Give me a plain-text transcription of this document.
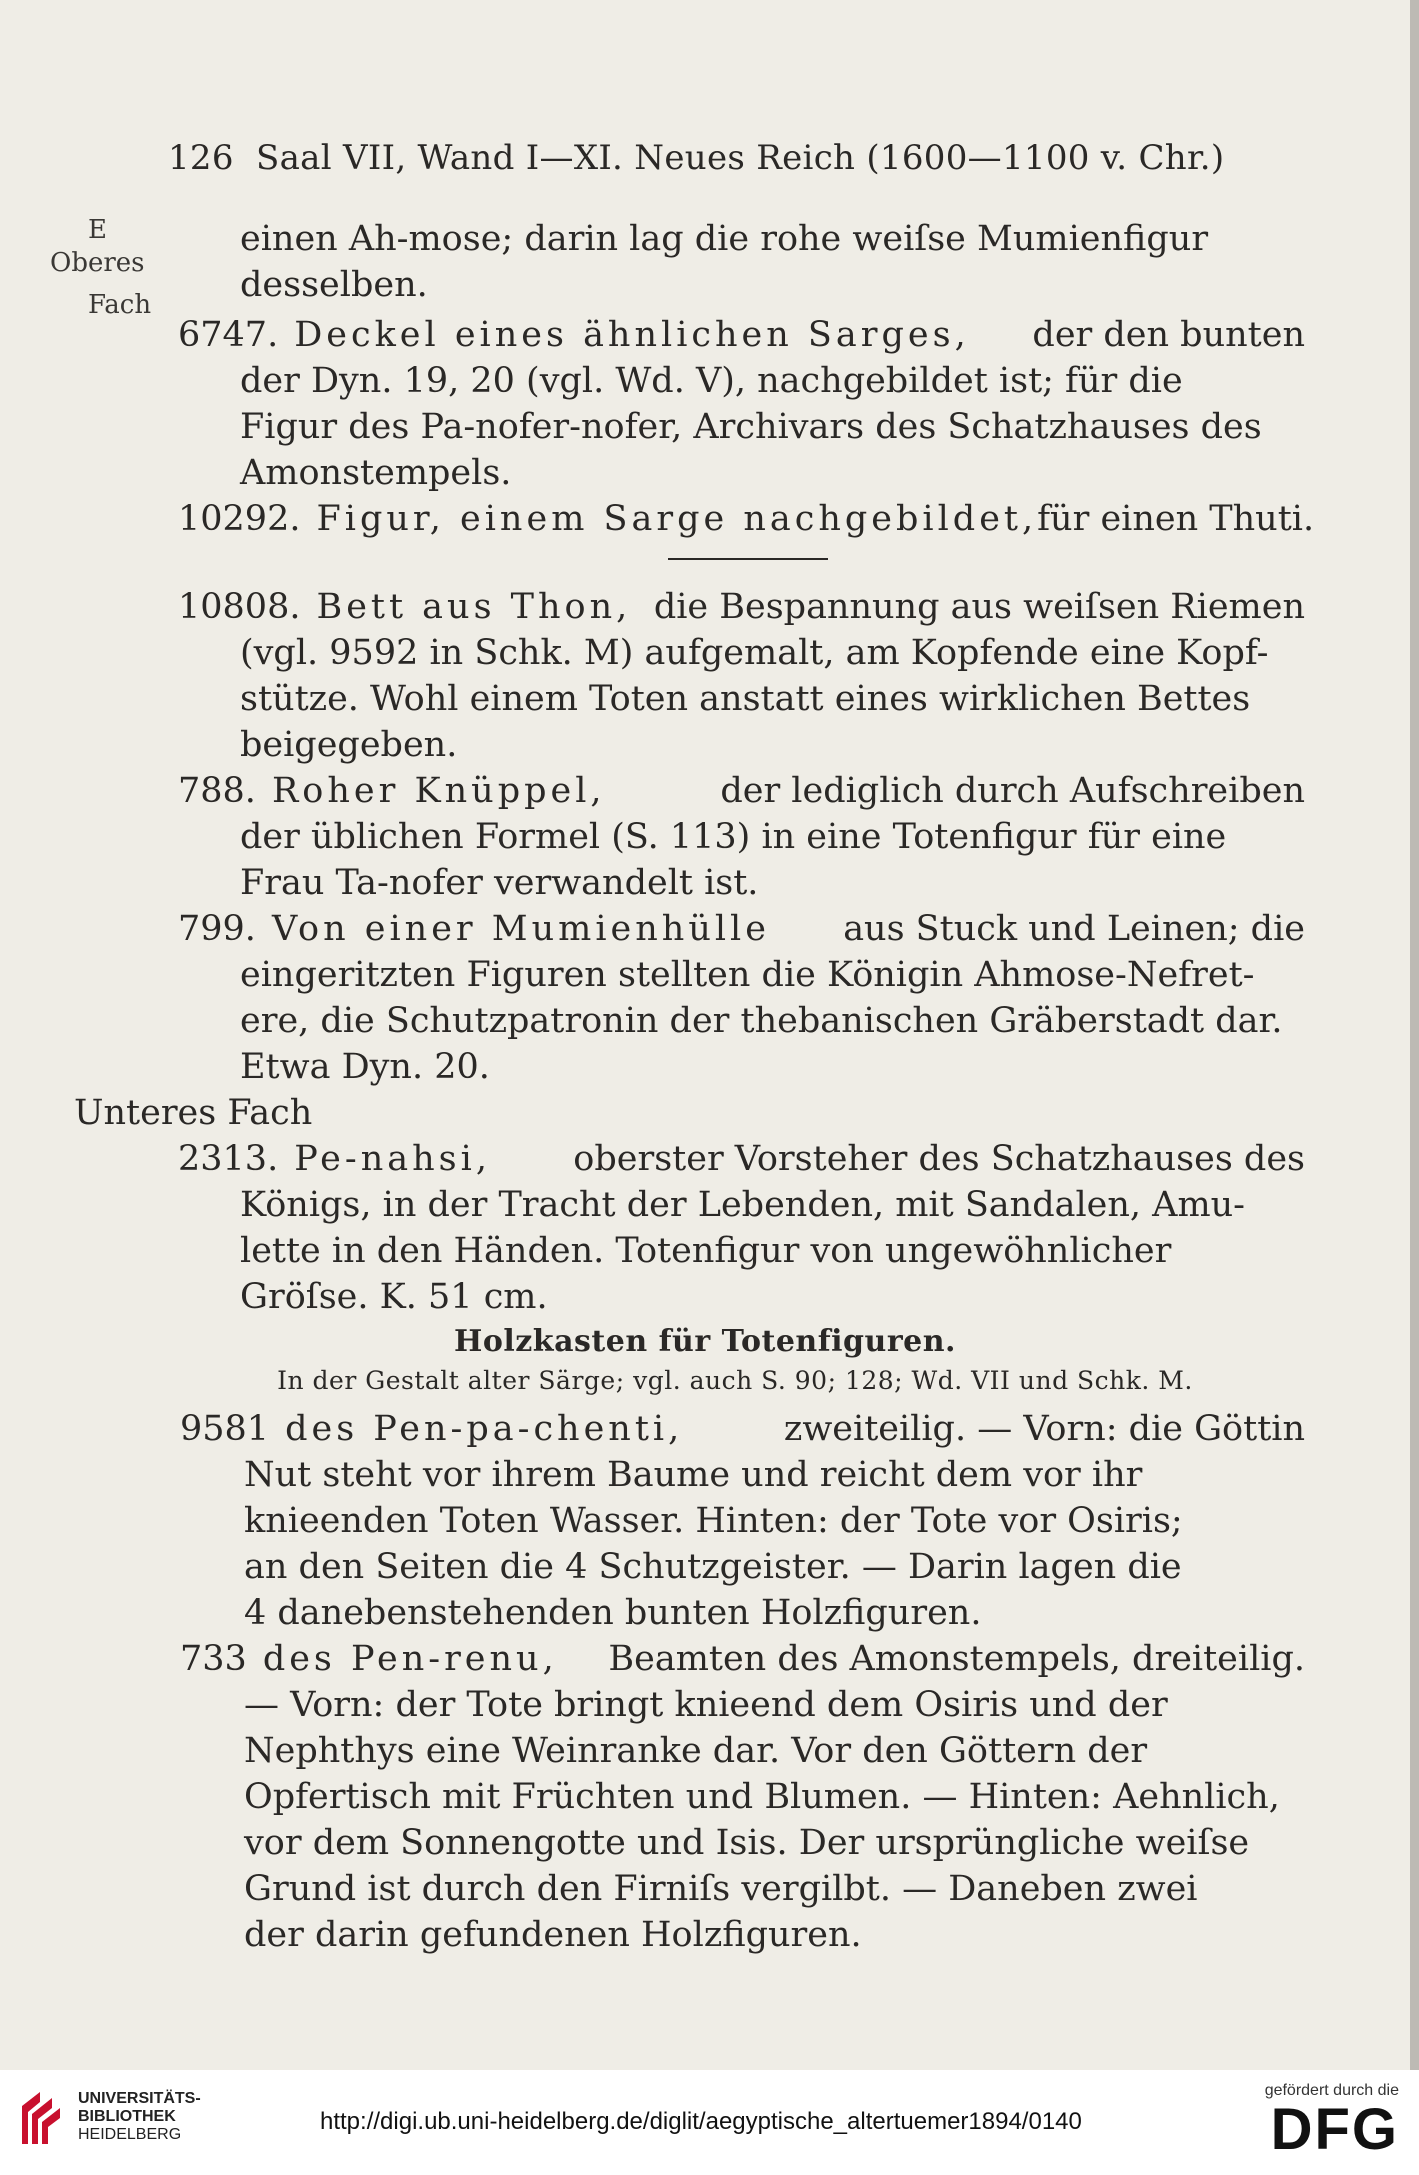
126 Saal VII, Wand I—XI. Neues Reich (1600—1100 v. Chr.)
E
Oberes
Fach
einen Ah-mose; darin lag die rohe weiſse Mumienfigur
desselben.
6747. Deckel eines ähnlichen Sarges, der den bunten
der Dyn. 19, 20 (vgl. Wd. V), nachgebildet ist; für die
Figur des Pa-nofer-nofer, Archivars des Schatzhauses des
Amonstempels.
10292. Figur, einem Sarge nachgebildet, für einen Thuti.
10808. Bett aus Thon, die Bespannung aus weiſsen Riemen
(vgl. 9592 in Schk. M) aufgemalt, am Kopfende eine Kopf-
stütze. Wohl einem Toten anstatt eines wirklichen Bettes
beigegeben.
788. Roher Knüppel,	der lediglich durch Aufschreiben
der üblichen Formel (S. 113) in eine Totenfigur für eine
Frau Ta-nofer verwandelt ist.
799. Von einer Mumienhülle aus Stuck und Leinen; die
eingeritzten Figuren stellten die Königin Ahmose-Nefret-
ere, die Schutzpatronin der thebanischen Gräberstadt dar.
Etwa Dyn. 20.
Unteres Fach
2313. Pe-nahsi, oberster Vorsteher des Schatzhauses des
Königs, in der Tracht der Lebenden, mit Sandalen, Amu-
lette in den Händen. Totenfigur von ungewöhnlicher
Gröſse. K. 51 cm.
Holzkasten für Totenfiguren.
In der Gestalt alter Särge; vgl. auch S. 90; 128; Wd. VII und Schk. M.
9581 des Pen-pa-chenti,	zweiteilig. — Vorn: die Göttin
Nut steht vor ihrem Baume und reicht dem vor ihr
knieenden Toten Wasser. Hinten: der Tote vor Osiris;
an den Seiten die 4 Schutzgeister. — Darin lagen die
4 danebenstehenden bunten Holzfiguren.
733 des Pen-renu, Beamten des Amonstempels, dreiteilig.
— Vorn: der Tote bringt knieend dem Osiris und der
Nephthys eine Weinranke dar. Vor den Göttern der
Opfertisch mit Früchten und Blumen. — Hinten: Aehnlich,
vor dem Sonnengotte und Isis. Der ursprüngliche weiſse
Grund ist durch den Firniſs vergilbt. — Daneben zwei
der darin gefundenen Holzfiguren.
UNIVERSITÄTS-
BIBLIOTHEK
HEIDELBERG	http://digi.ub.uni-heidelberg.de/diglit/aegyptische_altertuemer1894/0140
gefördert durch die
DFG
